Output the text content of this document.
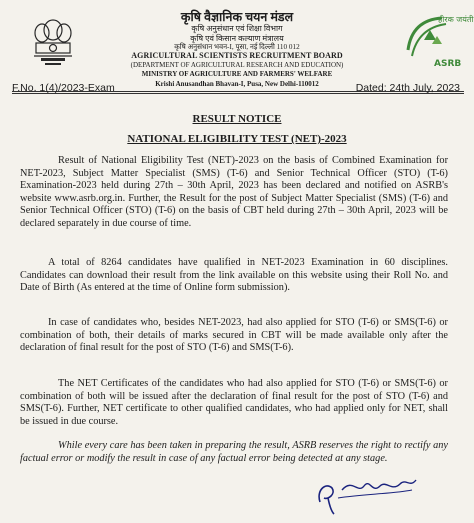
कृषि वैज्ञानिक चयन मंडल
कृषि अनुसंधान एवं शिक्षा विभाग
कृषि एवं किसान कल्याण मंत्रालय
कृषि अनुसंधान भवन-I, पूसा, नई दिल्ली 110 012
AGRICULTURAL SCIENTISTS RECRUITMENT BOARD
(DEPARTMENT OF AGRICULTURAL RESEARCH AND EDUCATION)
MINISTRY OF AGRICULTURE AND FARMERS' WELFARE
हीरक जयंती
ASRB
Krishi Anusandhan Bhavan-I, Pusa, New Delhi-110012
F.No. 1(4)/2023-Exam	Dated: 24th July, 2023
RESULT NOTICE
NATIONAL ELIGIBILITY TEST (NET)-2023

Result of National Eligibility Test (NET)-2023 on the basis of Combined Examination for NET-2023, Subject Matter Specialist (SMS) (T-6) and Senior Technical Officer (STO) (T-6) Examination-2023 held during 27th – 30th April, 2023 has been declared and notified on ASRB's website www.asrb.org.in. Further, the Result for the post of Subject Matter Specialist (SMS) (T-6) and Senior Technical Officer (STO) (T-6) on the basis of CBT held during 27th – 30th April, 2023 will be declared separately in due course of time.

A total of 8264 candidates have qualified in NET-2023 Examination in 60 disciplines. Candidates can download their result from the link available on this website using their Roll No. and Date of Birth (As entered at the time of Online form submission).

In case of candidates who, besides NET-2023, had also applied for STO (T-6) or SMS(T-6) or combination of both, their details of marks secured in CBT will be made available only after the declaration of final result for the post of STO (T-6) and SMS(T-6).

The NET Certificates of the candidates who had also applied for STO (T-6) or SMS(T-6) or combination of both will be issued after the declaration of final result for the post of STO (T-6) and SMS(T-6). Further, NET certificate to other qualified candidates, who had applied only for NET, shall be issued in due course.

While every care has been taken in preparing the result, ASRB reserves the right to rectify any factual error or modify the result in case of any factual error being detected at any stage.
